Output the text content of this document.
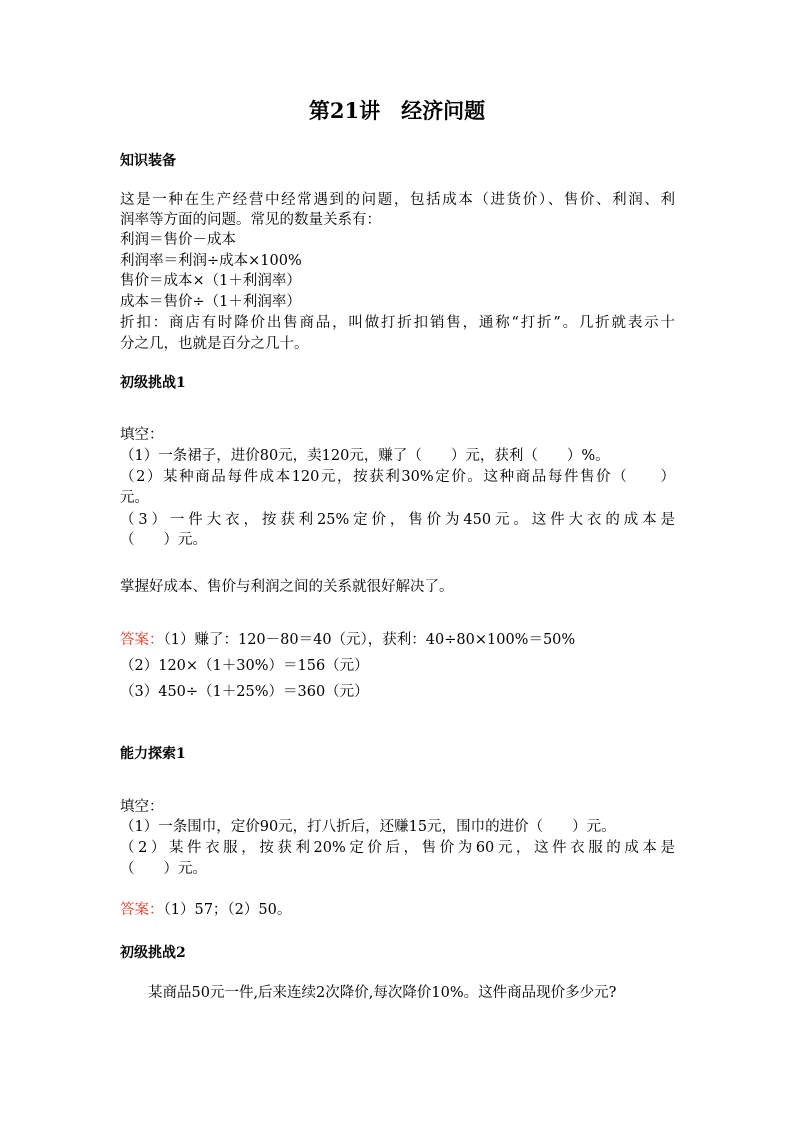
第21讲　经济问题
知识装备
这是一种在生产经营中经常遇到的问题，包括成本（进货价）、售价、利润、利
润率等方面的问题。常见的数量关系有：
利润＝售价－成本
利润率＝利润÷成本×100%
售价＝成本×（1＋利润率）
成本＝售价÷（1＋利润率）
折扣：商店有时降价出售商品，叫做打折扣销售，通称“打折”。几折就表示十
分之几，也就是百分之几十。
初级挑战1
填空：
（1）一条裙子，进价80元，卖120元，赚了（　　）元，获利（　　）%。
（2）某种商品每件成本120元，按获利30%定价。这种商品每件售价（　　）
元。
（3）一件大衣，按获利25%定价，售价为450元。这件大衣的成本是
（　　）元。
掌握好成本、售价与利润之间的关系就很好解决了。
答案：（1）赚了：120－80＝40（元），获利：40÷80×100%＝50%
（2）120×（1＋30%）＝156（元）
（3）450÷（1＋25%）＝360（元）
能力探索1
填空：
（1）一条围巾，定价90元，打八折后，还赚15元，围巾的进价（　　）元。
（2）某件衣服，按获利20%定价后，售价为60元，这件衣服的成本是
（　　）元。
答案：（1）57；（2）50。
初级挑战2
某商品50元一件,后来连续2次降价,每次降价10%。这件商品现价多少元?
